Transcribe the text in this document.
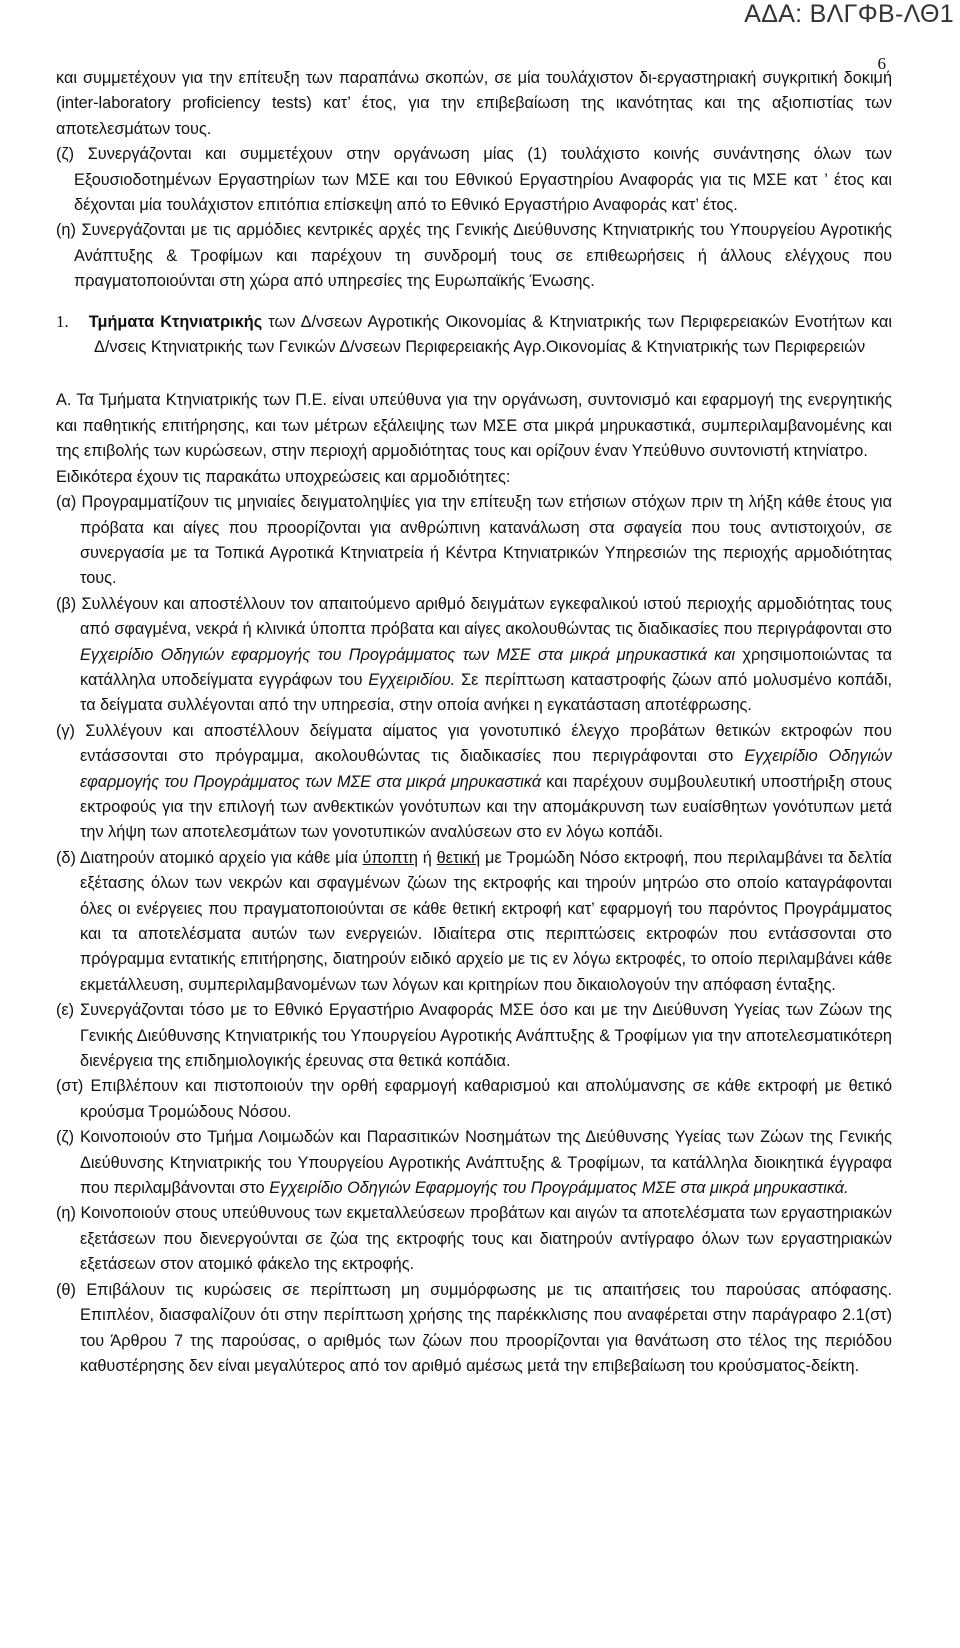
ΑΔΑ: ΒΛΓΦΒ-ΛΘ1
6

και συμμετέχουν για την επίτευξη των παραπάνω σκοπών, σε μία τουλάχιστον δι-εργαστηριακή συγκριτική δοκιμή (inter-laboratory proficiency tests) κατ’ έτος, για την επιβεβαίωση της ικανότητας και της αξιοπιστίας των αποτελεσμάτων τους.

(ζ) Συνεργάζονται και συμμετέχουν στην οργάνωση μίας (1) τουλάχιστο κοινής συνάντησης όλων των Εξουσιοδοτημένων Εργαστηρίων των ΜΣΕ και του Εθνικού Εργαστηρίου Αναφοράς για τις ΜΣΕ κατ ’ έτος και δέχονται μία τουλάχιστον επιτόπια επίσκεψη από το Εθνικό Εργαστήριο Αναφοράς κατ’ έτος.

(η) Συνεργάζονται με τις αρμόδιες κεντρικές αρχές της Γενικής Διεύθυνσης Κτηνιατρικής του Υπουργείου Αγροτικής Ανάπτυξης & Τροφίμων και παρέχουν τη συνδρομή τους σε επιθεωρήσεις ή άλλους ελέγχους που πραγματοποιούνται στη χώρα από υπηρεσίες της Ευρωπαϊκής Ένωσης.

1. Τμήματα Κτηνιατρικής των Δ/νσεων Αγροτικής Οικονομίας & Κτηνιατρικής των Περιφερειακών Ενοτήτων και Δ/νσεις Κτηνιατρικής των Γενικών Δ/νσεων Περιφερειακής Αγρ.Οικονομίας & Κτηνιατρικής των Περιφερειών

Α. Τα Τμήματα Κτηνιατρικής των Π.Ε. είναι υπεύθυνα για την οργάνωση, συντονισμό και εφαρμογή της ενεργητικής και παθητικής επιτήρησης, και των μέτρων εξάλειψης των ΜΣΕ στα μικρά μηρυκαστικά, συμπεριλαμβανομένης και της επιβολής των κυρώσεων, στην περιοχή αρμοδιότητας τους και ορίζουν έναν Υπεύθυνο συντονιστή κτηνίατρο.

Ειδικότερα έχουν τις παρακάτω υποχρεώσεις και αρμοδιότητες:

(α) Προγραμματίζουν τις μηνιαίες δειγματοληψίες για την επίτευξη των ετήσιων στόχων πριν τη λήξη κάθε έτους για πρόβατα και αίγες που προορίζονται για ανθρώπινη κατανάλωση στα σφαγεία που τους αντιστοιχούν, σε συνεργασία με τα Τοπικά Αγροτικά Κτηνιατρεία ή Κέντρα Κτηνιατρικών Υπηρεσιών της περιοχής αρμοδιότητας τους.

(β) Συλλέγουν και αποστέλλουν τον απαιτούμενο αριθμό δειγμάτων εγκεφαλικού ιστού περιοχής αρμοδιότητας τους από σφαγμένα, νεκρά ή κλινικά ύποπτα πρόβατα και αίγες ακολουθώντας τις διαδικασίες που περιγράφονται στο Εγχειρίδιο Οδηγιών εφαρμογής του Προγράμματος των ΜΣΕ στα μικρά μηρυκαστικά και χρησιμοποιώντας τα κατάλληλα υποδείγματα εγγράφων του Εγχειριδίου. Σε περίπτωση καταστροφής ζώων από μολυσμένο κοπάδι, τα δείγματα συλλέγονται από την υπηρεσία, στην οποία ανήκει η εγκατάσταση αποτέφρωσης.

(γ) Συλλέγουν και αποστέλλουν δείγματα αίματος για γονοτυπικό έλεγχο προβάτων θετικών εκτροφών που εντάσσονται στο πρόγραμμα, ακολουθώντας τις διαδικασίες που περιγράφονται στο Εγχειρίδιο Οδηγιών εφαρμογής του Προγράμματος των ΜΣΕ στα μικρά μηρυκαστικά και παρέχουν συμβουλευτική υποστήριξη στους εκτροφούς για την επιλογή των ανθεκτικών γονότυπων και την απομάκρυνση των ευαίσθητων γονότυπων μετά την λήψη των αποτελεσμάτων των γονοτυπικών αναλύσεων στο εν λόγω κοπάδι.

(δ) Διατηρούν ατομικό αρχείο για κάθε μία ύποπτη ή θετική με Τρομώδη Νόσο εκτροφή, που περιλαμβάνει τα δελτία εξέτασης όλων των νεκρών και σφαγμένων ζώων της εκτροφής και τηρούν μητρώο στο οποίο καταγράφονται όλες οι ενέργειες που πραγματοποιούνται σε κάθε θετική εκτροφή κατ’ εφαρμογή του παρόντος Προγράμματος και τα αποτελέσματα αυτών των ενεργειών. Ιδιαίτερα στις περιπτώσεις εκτροφών που εντάσσονται στο πρόγραμμα εντατικής επιτήρησης, διατηρούν ειδικό αρχείο με τις εν λόγω εκτροφές, το οποίο περιλαμβάνει κάθε εκμετάλλευση, συμπεριλαμβανομένων των λόγων και κριτηρίων που δικαιολογούν την απόφαση ένταξης.

(ε) Συνεργάζονται τόσο με το Εθνικό Εργαστήριο Αναφοράς ΜΣΕ όσο και με την Διεύθυνση Υγείας των Ζώων της Γενικής Διεύθυνσης Κτηνιατρικής του Υπουργείου Αγροτικής Ανάπτυξης & Τροφίμων για την αποτελεσματικότερη διενέργεια της επιδημιολογικής έρευνας στα θετικά κοπάδια.

(στ) Επιβλέπουν και πιστοποιούν την ορθή εφαρμογή καθαρισμού και απολύμανσης σε κάθε εκτροφή με θετικό κρούσμα Τρομώδους Νόσου.

(ζ) Κοινοποιούν στο Τμήμα Λοιμωδών και Παρασιτικών Νοσημάτων της Διεύθυνσης Υγείας των Ζώων της Γενικής Διεύθυνσης Κτηνιατρικής του Υπουργείου Αγροτικής Ανάπτυξης & Τροφίμων, τα κατάλληλα διοικητικά έγγραφα που περιλαμβάνονται στο Εγχειρίδιο Οδηγιών Εφαρμογής του Προγράμματος ΜΣΕ στα μικρά μηρυκαστικά.

(η) Κοινοποιούν στους υπεύθυνους των εκμεταλλεύσεων προβάτων και αιγών τα αποτελέσματα των εργαστηριακών εξετάσεων που διενεργούνται σε ζώα της εκτροφής τους και διατηρούν αντίγραφο όλων των εργαστηριακών εξετάσεων στον ατομικό φάκελο της εκτροφής.

(θ) Επιβάλουν τις κυρώσεις σε περίπτωση μη συμμόρφωσης με τις απαιτήσεις του παρούσας απόφασης. Επιπλέον, διασφαλίζουν ότι στην περίπτωση χρήσης της παρέκκλισης που αναφέρεται στην παράγραφο 2.1(στ) του Άρθρου 7 της παρούσας, ο αριθμός των ζώων που προορίζονται για θανάτωση στο τέλος της περιόδου καθυστέρησης δεν είναι μεγαλύτερος από τον αριθμό αμέσως μετά την επιβεβαίωση του κρούσματος-δείκτη.
